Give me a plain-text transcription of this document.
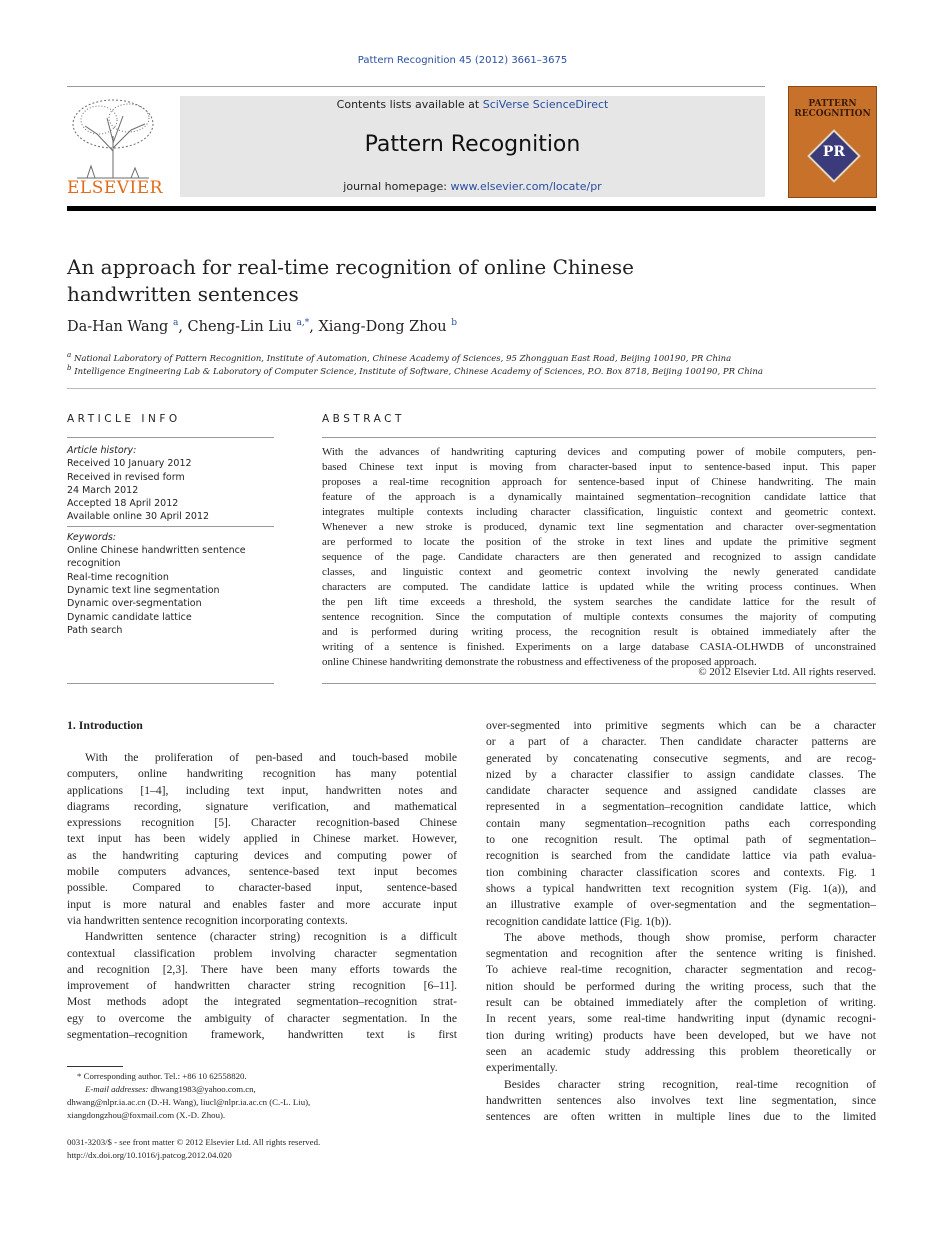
Pattern Recognition 45 (2012) 3661–3675
ELSEVIER
Contents lists available at SciVerse ScienceDirect
Pattern Recognition
journal homepage: www.elsevier.com/locate/pr
PATTERN
RECOGNITION
PR
An approach for real-time recognition of online Chinese
handwritten sentences
Da-Han Wang $^a$, Cheng-Lin Liu $^{a,*}$, Xiang-Dong Zhou $^b$
$^a$ National Laboratory of Pattern Recognition, Institute of Automation, Chinese Academy of Sciences, 95 Zhongguan East Road, Beijing 100190, PR China
$^b$ Intelligence Engineering Lab & Laboratory of Computer Science, Institute of Software, Chinese Academy of Sciences, P.O. Box 8718, Beijing 100190, PR China
ARTICLE INFO
Article history:
Received 10 January 2012
Received in revised form
24 March 2012
Accepted 18 April 2012
Available online 30 April 2012
Keywords:
Online Chinese handwritten sentence
recognition
Real-time recognition
Dynamic text line segmentation
Dynamic over-segmentation
Dynamic candidate lattice
Path search
ABSTRACT
With the advances of handwriting capturing devices and computing power of mobile computers, pen-
based Chinese text input is moving from character-based input to sentence-based input. This paper
proposes a real-time recognition approach for sentence-based input of Chinese handwriting. The main
feature of the approach is a dynamically maintained segmentation–recognition candidate lattice that
integrates multiple contexts including character classification, linguistic context and geometric context.
Whenever a new stroke is produced, dynamic text line segmentation and character over-segmentation
are performed to locate the position of the stroke in text lines and update the primitive segment
sequence of the page. Candidate characters are then generated and recognized to assign candidate
classes, and linguistic context and geometric context involving the newly generated candidate
characters are computed. The candidate lattice is updated while the writing process continues. When
the pen lift time exceeds a threshold, the system searches the candidate lattice for the result of
sentence recognition. Since the computation of multiple contexts consumes the majority of computing
and is performed during writing process, the recognition result is obtained immediately after the
writing of a sentence is finished. Experiments on a large database CASIA-OLHWDB of unconstrained
online Chinese handwriting demonstrate the robustness and effectiveness of the proposed approach.
© 2012 Elsevier Ltd. All rights reserved.
1. Introduction
With the proliferation of pen-based and touch-based mobile
computers, online handwriting recognition has many potential
applications [1–4], including text input, handwritten notes and
diagrams recording, signature verification, and mathematical
expressions recognition [5]. Character recognition-based Chinese
text input has been widely applied in Chinese market. However,
as the handwriting capturing devices and computing power of
mobile computers advances, sentence-based text input becomes
possible. Compared to character-based input, sentence-based
input is more natural and enables faster and more accurate input
via handwritten sentence recognition incorporating contexts.
Handwritten sentence (character string) recognition is a difficult
contextual classification problem involving character segmentation
and recognition [2,3]. There have been many efforts towards the
improvement of handwritten character string recognition [6–11].
Most methods adopt the integrated segmentation–recognition strat-
egy to overcome the ambiguity of character segmentation. In the
segmentation–recognition framework, handwritten text is first
over-segmented into primitive segments which can be a character
or a part of a character. Then candidate character patterns are
generated by concatenating consecutive segments, and are recog-
nized by a character classifier to assign candidate classes. The
candidate character sequence and assigned candidate classes are
represented in a segmentation–recognition candidate lattice, which
contain many segmentation–recognition paths each corresponding
to one recognition result. The optimal path of segmentation–
recognition is searched from the candidate lattice via path evalua-
tion combining character classification scores and contexts. Fig. 1
shows a typical handwritten text recognition system (Fig. 1(a)), and
an illustrative example of over-segmentation and the segmentation–
recognition candidate lattice (Fig. 1(b)).
The above methods, though show promise, perform character
segmentation and recognition after the sentence writing is finished.
To achieve real-time recognition, character segmentation and recog-
nition should be performed during the writing process, such that the
result can be obtained immediately after the completion of writing.
In recent years, some real-time handwriting input (dynamic recogni-
tion during writing) products have been developed, but we have not
seen an academic study addressing this problem theoretically or
experimentally.
Besides character string recognition, real-time recognition of
handwritten sentences also involves text line segmentation, since
sentences are often written in multiple lines due to the limited
* Corresponding author. Tel.: +86 10 62558820.
E-mail addresses: dhwang1983@yahoo.com.cn,
dhwang@nlpr.ia.ac.cn (D.-H. Wang), liucl@nlpr.ia.ac.cn (C.-L. Liu),
xiangdongzhou@foxmail.com (X.-D. Zhou).
0031-3203/$ - see front matter © 2012 Elsevier Ltd. All rights reserved.
http://dx.doi.org/10.1016/j.patcog.2012.04.020
